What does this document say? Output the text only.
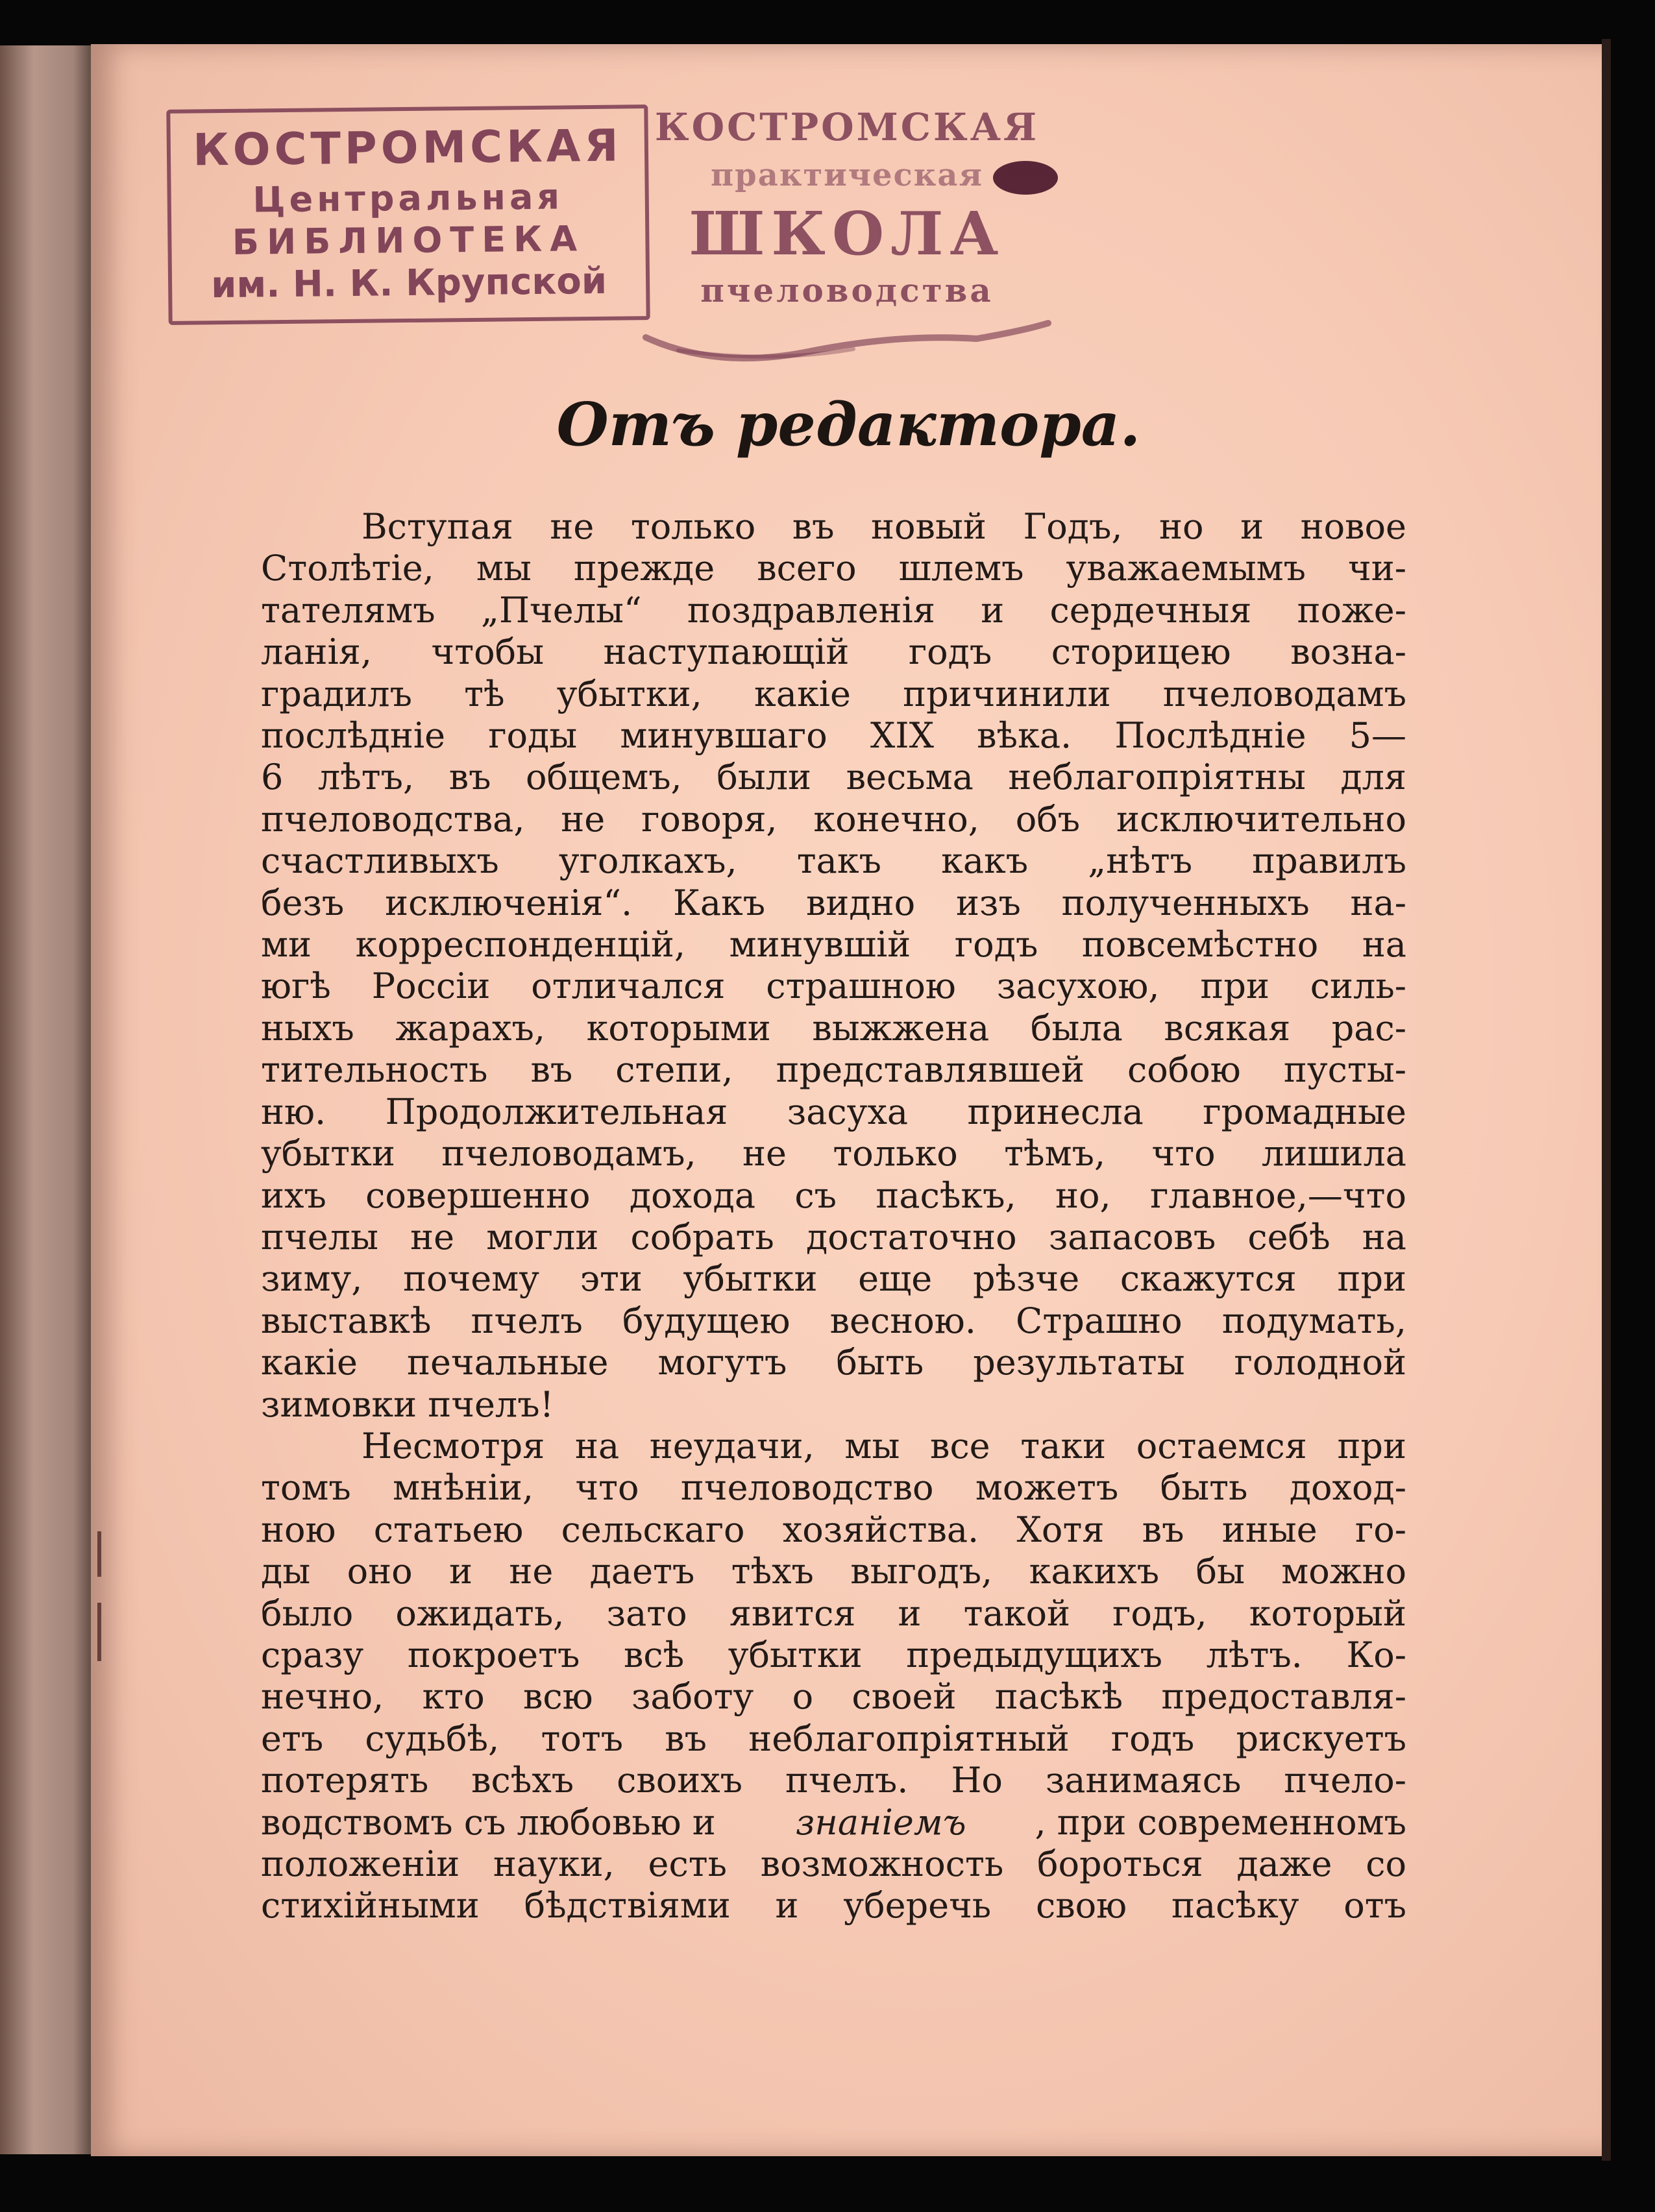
КОСТРОМСКАЯ
Центральная
БИБЛИОТЕКА
им. Н. К. Крупской
КОСТРОМСКАЯ
практическая
ШКОЛА
пчеловодства
Отъ редактора.
Вступая не только въ новый Годъ, но и новое
Столѣтіе, мы прежде всего шлемъ уважаемымъ чи-
тателямъ „Пчелы“ поздравленія и сердечныя поже-
ланія, чтобы наступающій годъ сторицею возна-
градилъ тѣ убытки, какіе причинили пчеловодамъ
послѣдніе годы минувшаго XIX вѣка. Послѣдніе 5—
6 лѣтъ, въ общемъ, были весьма неблагопріятны для
пчеловодства, не говоря, конечно, объ исключительно
счастливыхъ уголкахъ, такъ какъ „нѣтъ правилъ
безъ исключенія“. Какъ видно изъ полученныхъ на-
ми корреспонденцій, минувшій годъ повсемѣстно на
югѣ Россіи отличался страшною засухою, при силь-
ныхъ жарахъ, которыми выжжена была всякая рас-
тительность въ степи, представлявшей собою пусты-
ню. Продолжительная засуха принесла громадные
убытки пчеловодамъ, не только тѣмъ, что лишила
ихъ совершенно дохода съ пасѣкъ, но, главное,—что
пчелы не могли собрать достаточно запасовъ себѣ на
зиму, почему эти убытки еще рѣзче скажутся при
выставкѣ пчелъ будущею весною. Страшно подумать,
какіе печальные могутъ быть результаты голодной
зимовки пчелъ!
Несмотря на неудачи, мы все таки остаемся при
томъ мнѣніи, что пчеловодство можетъ быть доход-
ною статьею сельскаго хозяйства. Хотя въ иные го-
ды оно и не даетъ тѣхъ выгодъ, какихъ бы можно
было ожидать, зато явится и такой годъ, который
сразу покроетъ всѣ убытки предыдущихъ лѣтъ. Ко-
нечно, кто всю заботу о своей пасѣкѣ предоставля-
етъ судьбѣ, тотъ въ неблагопріятный годъ рискуетъ
потерять всѣхъ своихъ пчелъ. Но занимаясь пчело-
водствомъ съ любовью и знаніемъ , при современномъ
положеніи науки, есть возможность бороться даже со
стихійными бѣдствіями и уберечь свою пасѣку отъ
